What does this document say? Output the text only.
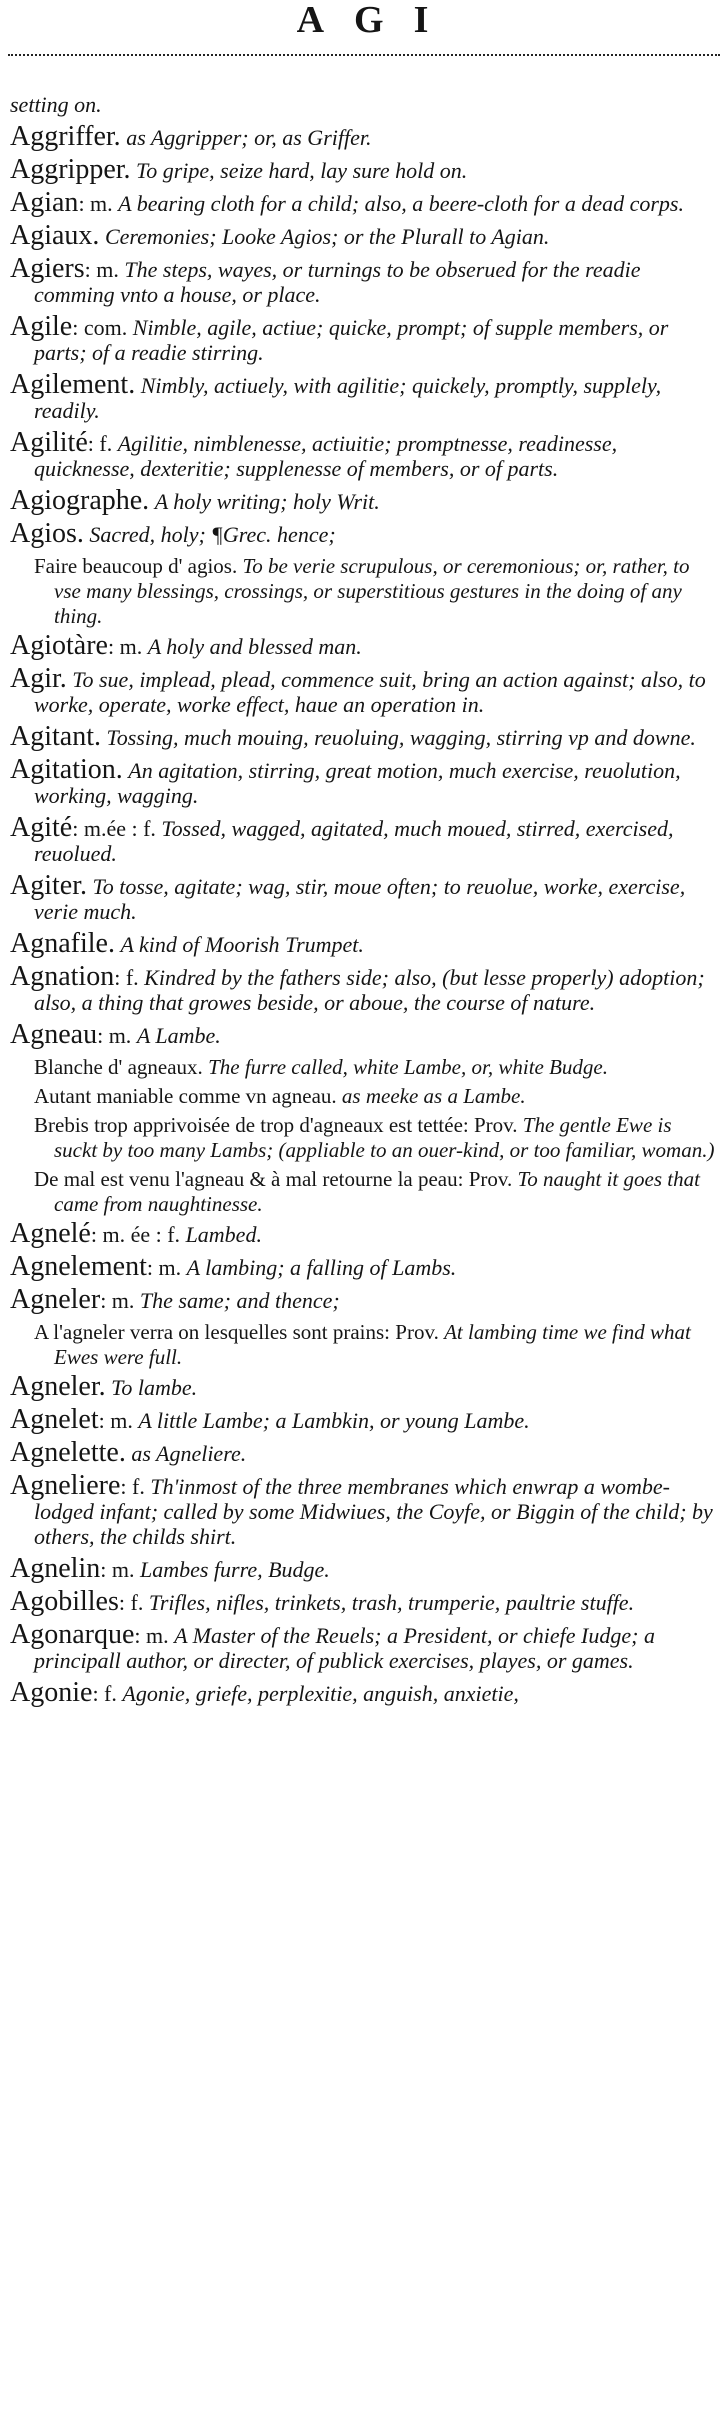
AGI

setting on.

Aggriffer. as Aggripper; or, as Griffer.

Aggripper. To gripe, seize hard, lay sure hold on.

Agian: m. A bearing cloth for a child; also, a beere-cloth for a dead corps.

Agiaux. Ceremonies; Looke Agios; or the Plurall to Agian.

Agiers: m. The steps, wayes, or turnings to be obserued for the readie comming vnto a house, or place.

Agile: com. Nimble, agile, actiue; quicke, prompt; of supple members, or parts; of a readie stirring.

Agilement. Nimbly, actiuely, with agilitie; quickely, promptly, supplely, readily.

Agilité: f. Agilitie, nimblenesse, actiuitie; promptnesse, readinesse, quicknesse, dexteritie; supplenesse of members, or of parts.

Agiographe. A holy writing; holy Writ.

Agios. Sacred, holy; ¶Grec. hence;

Faire beaucoup d' agios. To be verie scrupulous, or ceremonious; or, rather, to vse many blessings, crossings, or superstitious gestures in the doing of any thing.

Agiotàre: m. A holy and blessed man.

Agir. To sue, implead, plead, commence suit, bring an action against; also, to worke, operate, worke effect, haue an operation in.

Agitant. Tossing, much mouing, reuoluing, wagging, stirring vp and downe.

Agitation. An agitation, stirring, great motion, much exercise, reuolution, working, wagging.

Agité: m.ée : f. Tossed, wagged, agitated, much moued, stirred, exercised, reuolued.

Agiter. To tosse, agitate; wag, stir, moue often; to reuolue, worke, exercise, verie much.

Agnafile. A kind of Moorish Trumpet.

Agnation: f. Kindred by the fathers side; also, (but lesse properly) adoption; also, a thing that growes beside, or aboue, the course of nature.

Agneau: m. A Lambe.

Blanche d' agneaux. The furre called, white Lambe, or, white Budge.

Autant maniable comme vn agneau. as meeke as a Lambe.

Brebis trop apprivoisée de trop d'agneaux est tettée: Prov. The gentle Ewe is suckt by too many Lambs; (appliable to an ouer-kind, or too familiar, woman.)

De mal est venu l'agneau & à mal retourne la peau: Prov. To naught it goes that came from naughtinesse.

Agnelé: m. ée : f. Lambed.

Agnelement: m. A lambing; a falling of Lambs.

Agneler: m. The same; and thence;

A l'agneler verra on lesquelles sont prains: Prov. At lambing time we find what Ewes were full.

Agneler. To lambe.

Agnelet: m. A little Lambe; a Lambkin, or young Lambe.

Agnelette. as Agneliere.

Agneliere: f. Th'inmost of the three membranes which enwrap a wombe-lodged infant; called by some Midwiues, the Coyfe, or Biggin of the child; by others, the childs shirt.

Agnelin: m. Lambes furre, Budge.

Agobilles: f. Trifles, nifles, trinkets, trash, trumperie, paultrie stuffe.

Agonarque: m. A Master of the Reuels; a President, or chiefe Iudge; a principall author, or directer, of publick exercises, playes, or games.

Agonie: f. Agonie, griefe, perplexitie, anguish, anxietie,
